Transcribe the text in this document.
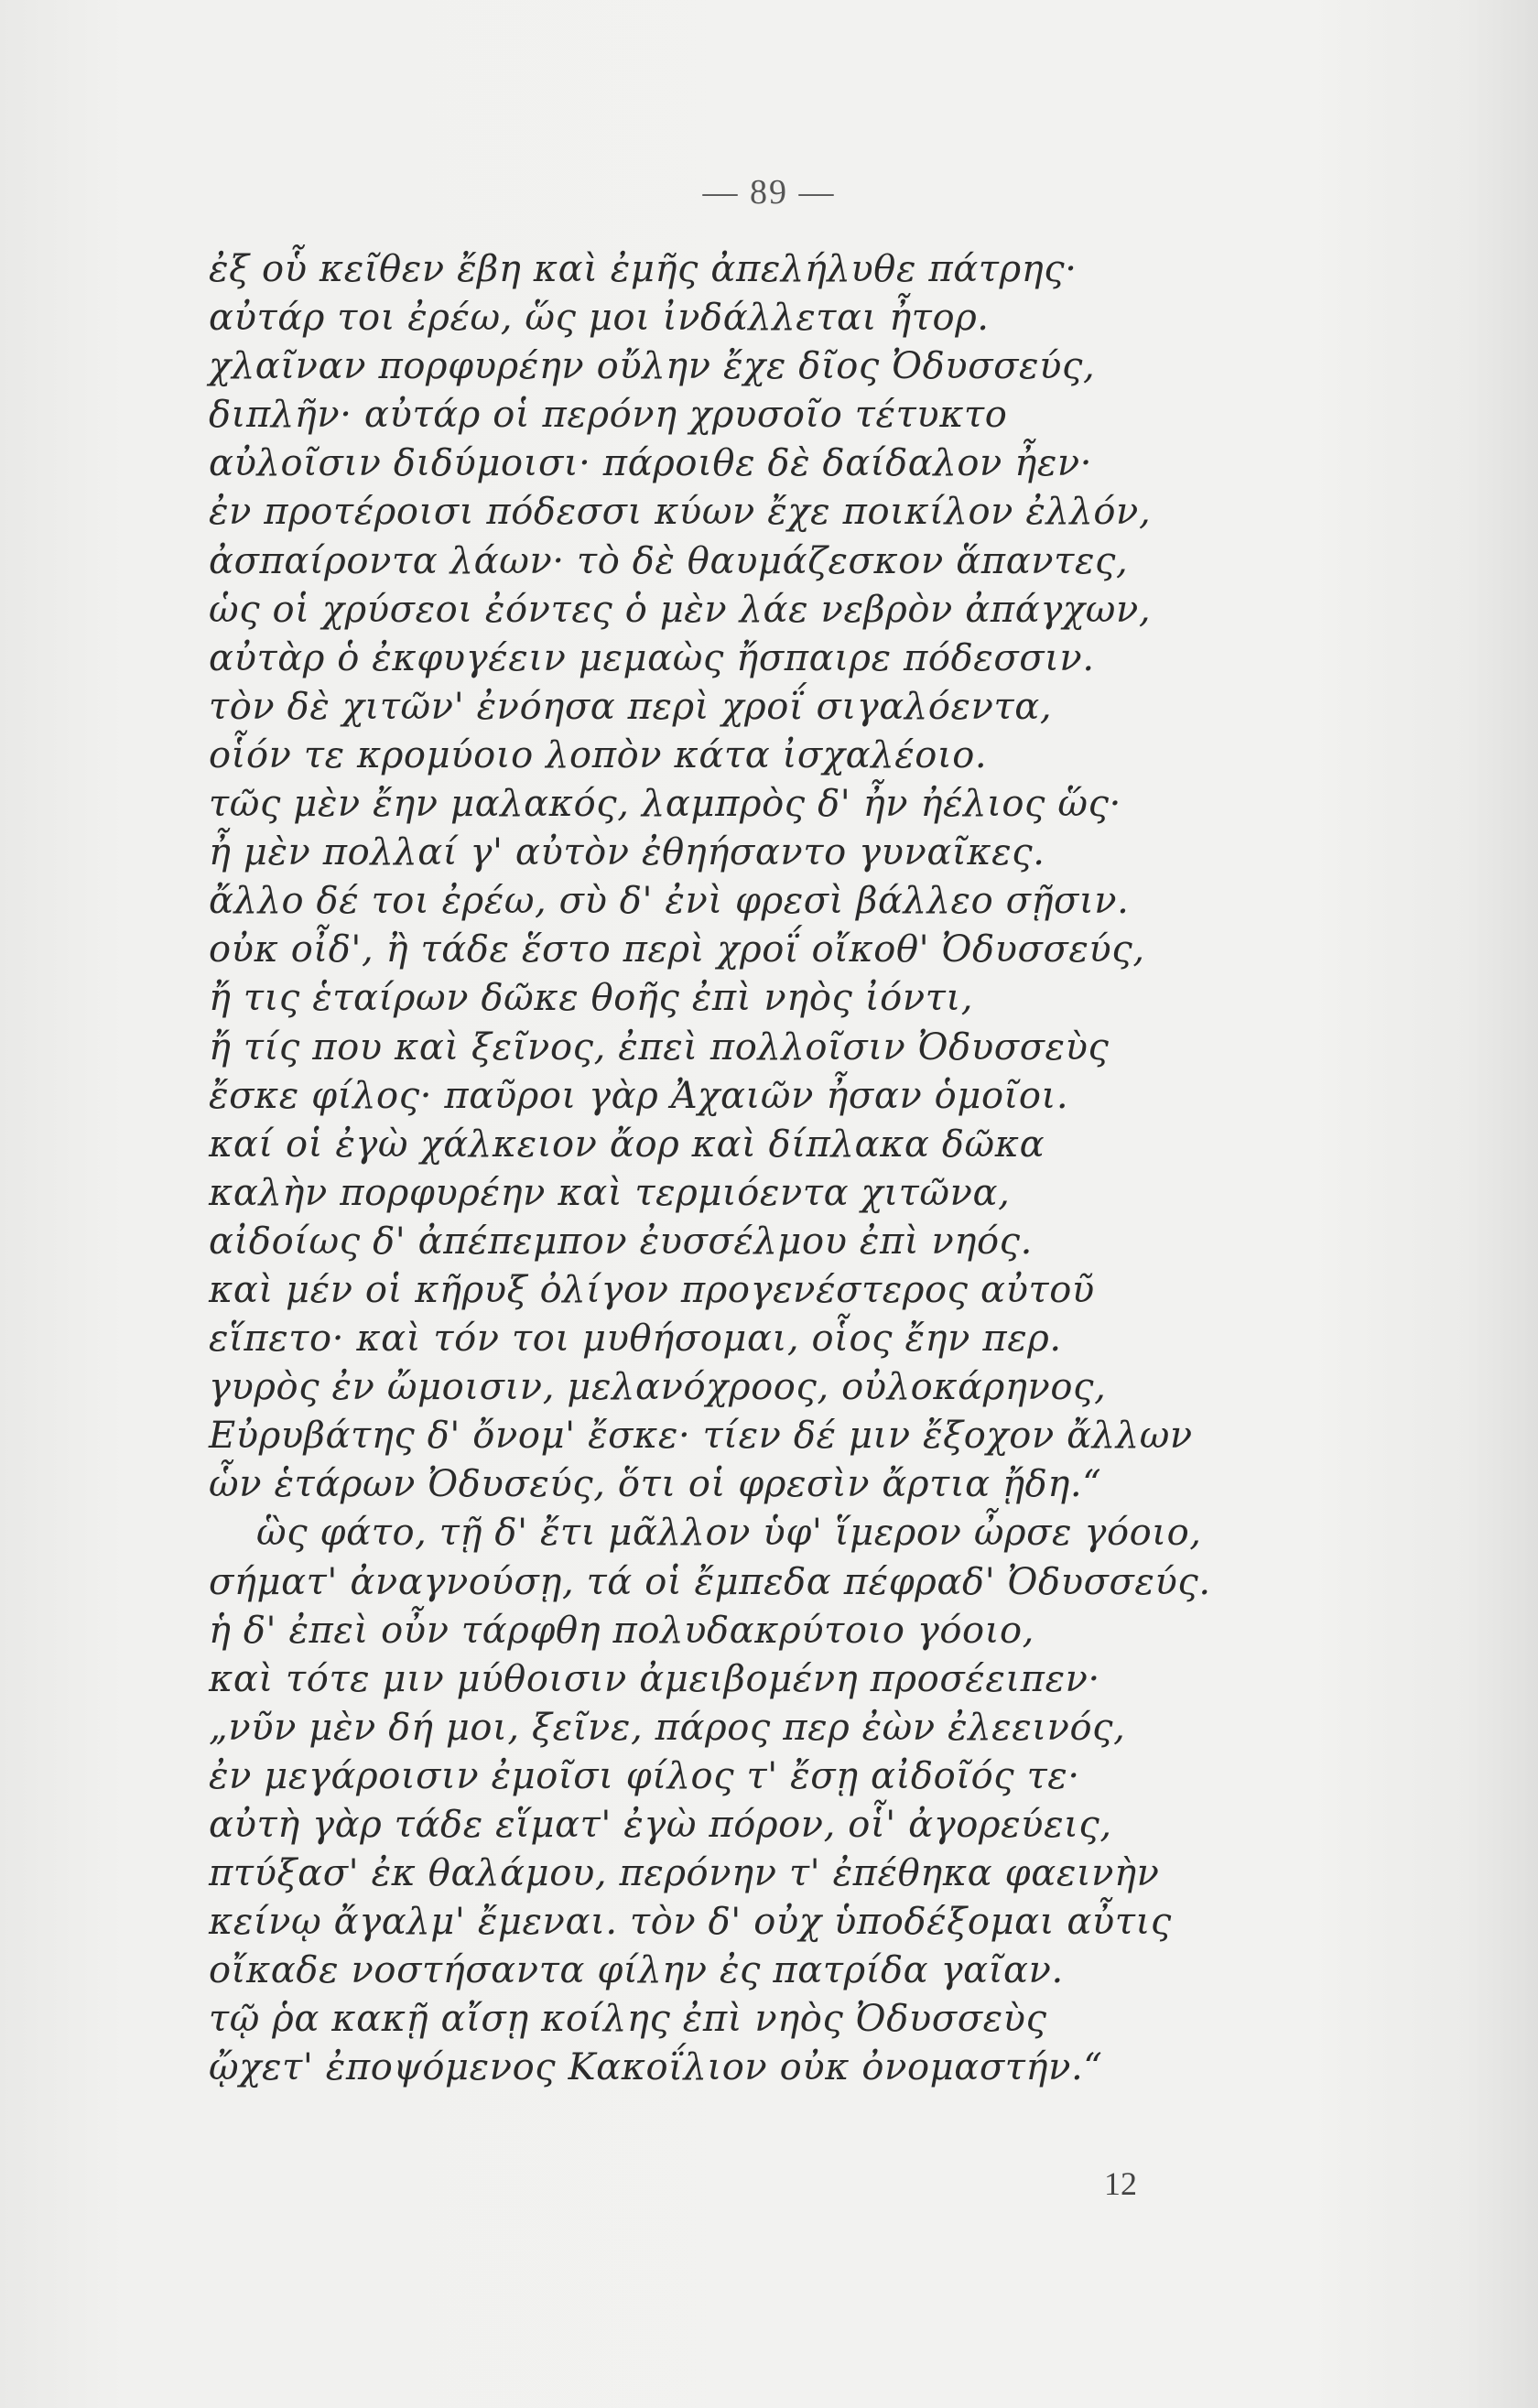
— 89 —
ἐξ οὗ κεῖθεν ἔβη καὶ ἐμῆς ἀπελήλυθε πάτρης·
αὐτάρ τοι ἐρέω, ὥς μοι ἰνδάλλεται ἦτορ.
χλαῖναν πορφυρέην οὔλην ἔχε δῖος Ὀδυσσεύς,
διπλῆν· αὐτάρ οἱ περόνη χρυσοῖο τέτυκτο
αὐλοῖσιν διδύμοισι· πάροιθε δὲ δαίδαλον ἦεν·
ἐν προτέροισι πόδεσσι κύων ἔχε ποικίλον ἐλλόν,
ἀσπαίροντα λάων· τὸ δὲ θαυμάζεσκον ἅπαντες,
ὡς οἱ χρύσεοι ἐόντες ὁ μὲν λάε νεβρὸν ἀπάγχων,
αὐτὰρ ὁ ἐκφυγέειν μεμαὼς ἤσπαιρε πόδεσσιν.
τὸν δὲ χιτῶν' ἐνόησα περὶ χροΐ σιγαλόεντα,
οἷόν τε κρομύοιο λοπὸν κάτα ἰσχαλέοιο.
τῶς μὲν ἔην μαλακός, λαμπρὸς δ' ἦν ἠέλιος ὥς·
ἦ μὲν πολλαί γ' αὐτὸν ἐθηήσαντο γυναῖκες.
ἄλλο δέ τοι ἐρέω, σὺ δ' ἐνὶ φρεσὶ βάλλεο σῇσιν.
οὐκ οἶδ', ἢ τάδε ἕστο περὶ χροΐ οἴκοθ' Ὀδυσσεύς,
ἤ τις ἑταίρων δῶκε θοῆς ἐπὶ νηὸς ἰόντι,
ἤ τίς που καὶ ξεῖνος, ἐπεὶ πολλοῖσιν Ὀδυσσεὺς
ἔσκε φίλος· παῦροι γὰρ Ἀχαιῶν ἦσαν ὁμοῖοι.
καί οἱ ἐγὼ χάλκειον ἄορ καὶ δίπλακα δῶκα
καλὴν πορφυρέην καὶ τερμιόεντα χιτῶνα,
αἰδοίως δ' ἀπέπεμπον ἐυσσέλμου ἐπὶ νηός.
καὶ μέν οἱ κῆρυξ ὀλίγον προγενέστερος αὐτοῦ
εἵπετο· καὶ τόν τοι μυθήσομαι, οἷος ἔην περ.
γυρὸς ἐν ὤμοισιν, μελανόχροος, οὐλοκάρηνος,
Εὐρυβάτης δ' ὄνομ' ἔσκε· τίεν δέ μιν ἔξοχον ἄλλων
ὧν ἑτάρων Ὀδυσεύς, ὅτι οἱ φρεσὶν ἄρτια ᾔδη.“
ὣς φάτο, τῇ δ' ἔτι μᾶλλον ὑφ' ἵμερον ὦρσε γόοιο,
σήματ' ἀναγνούσῃ, τά οἱ ἔμπεδα πέφραδ' Ὀδυσσεύς.
ἡ δ' ἐπεὶ οὖν τάρφθη πολυδακρύτοιο γόοιο,
καὶ τότε μιν μύθοισιν ἀμειβομένη προσέειπεν·
„νῦν μὲν δή μοι, ξεῖνε, πάρος περ ἐὼν ἐλεεινός,
ἐν μεγάροισιν ἐμοῖσι φίλος τ' ἔσῃ αἰδοῖός τε·
αὐτὴ γὰρ τάδε εἵματ' ἐγὼ πόρον, οἷ' ἀγορεύεις,
πτύξασ' ἐκ θαλάμου, περόνην τ' ἐπέθηκα φαεινὴν
κείνῳ ἄγαλμ' ἔμεναι. τὸν δ' οὐχ ὑποδέξομαι αὖτις
οἴκαδε νοστήσαντα φίλην ἐς πατρίδα γαῖαν.
τῷ ῥα κακῇ αἴσῃ κοίλης ἐπὶ νηὸς Ὀδυσσεὺς
ᾤχετ' ἐποψόμενος Κακοΐλιον οὐκ ὀνομαστήν.“
12
